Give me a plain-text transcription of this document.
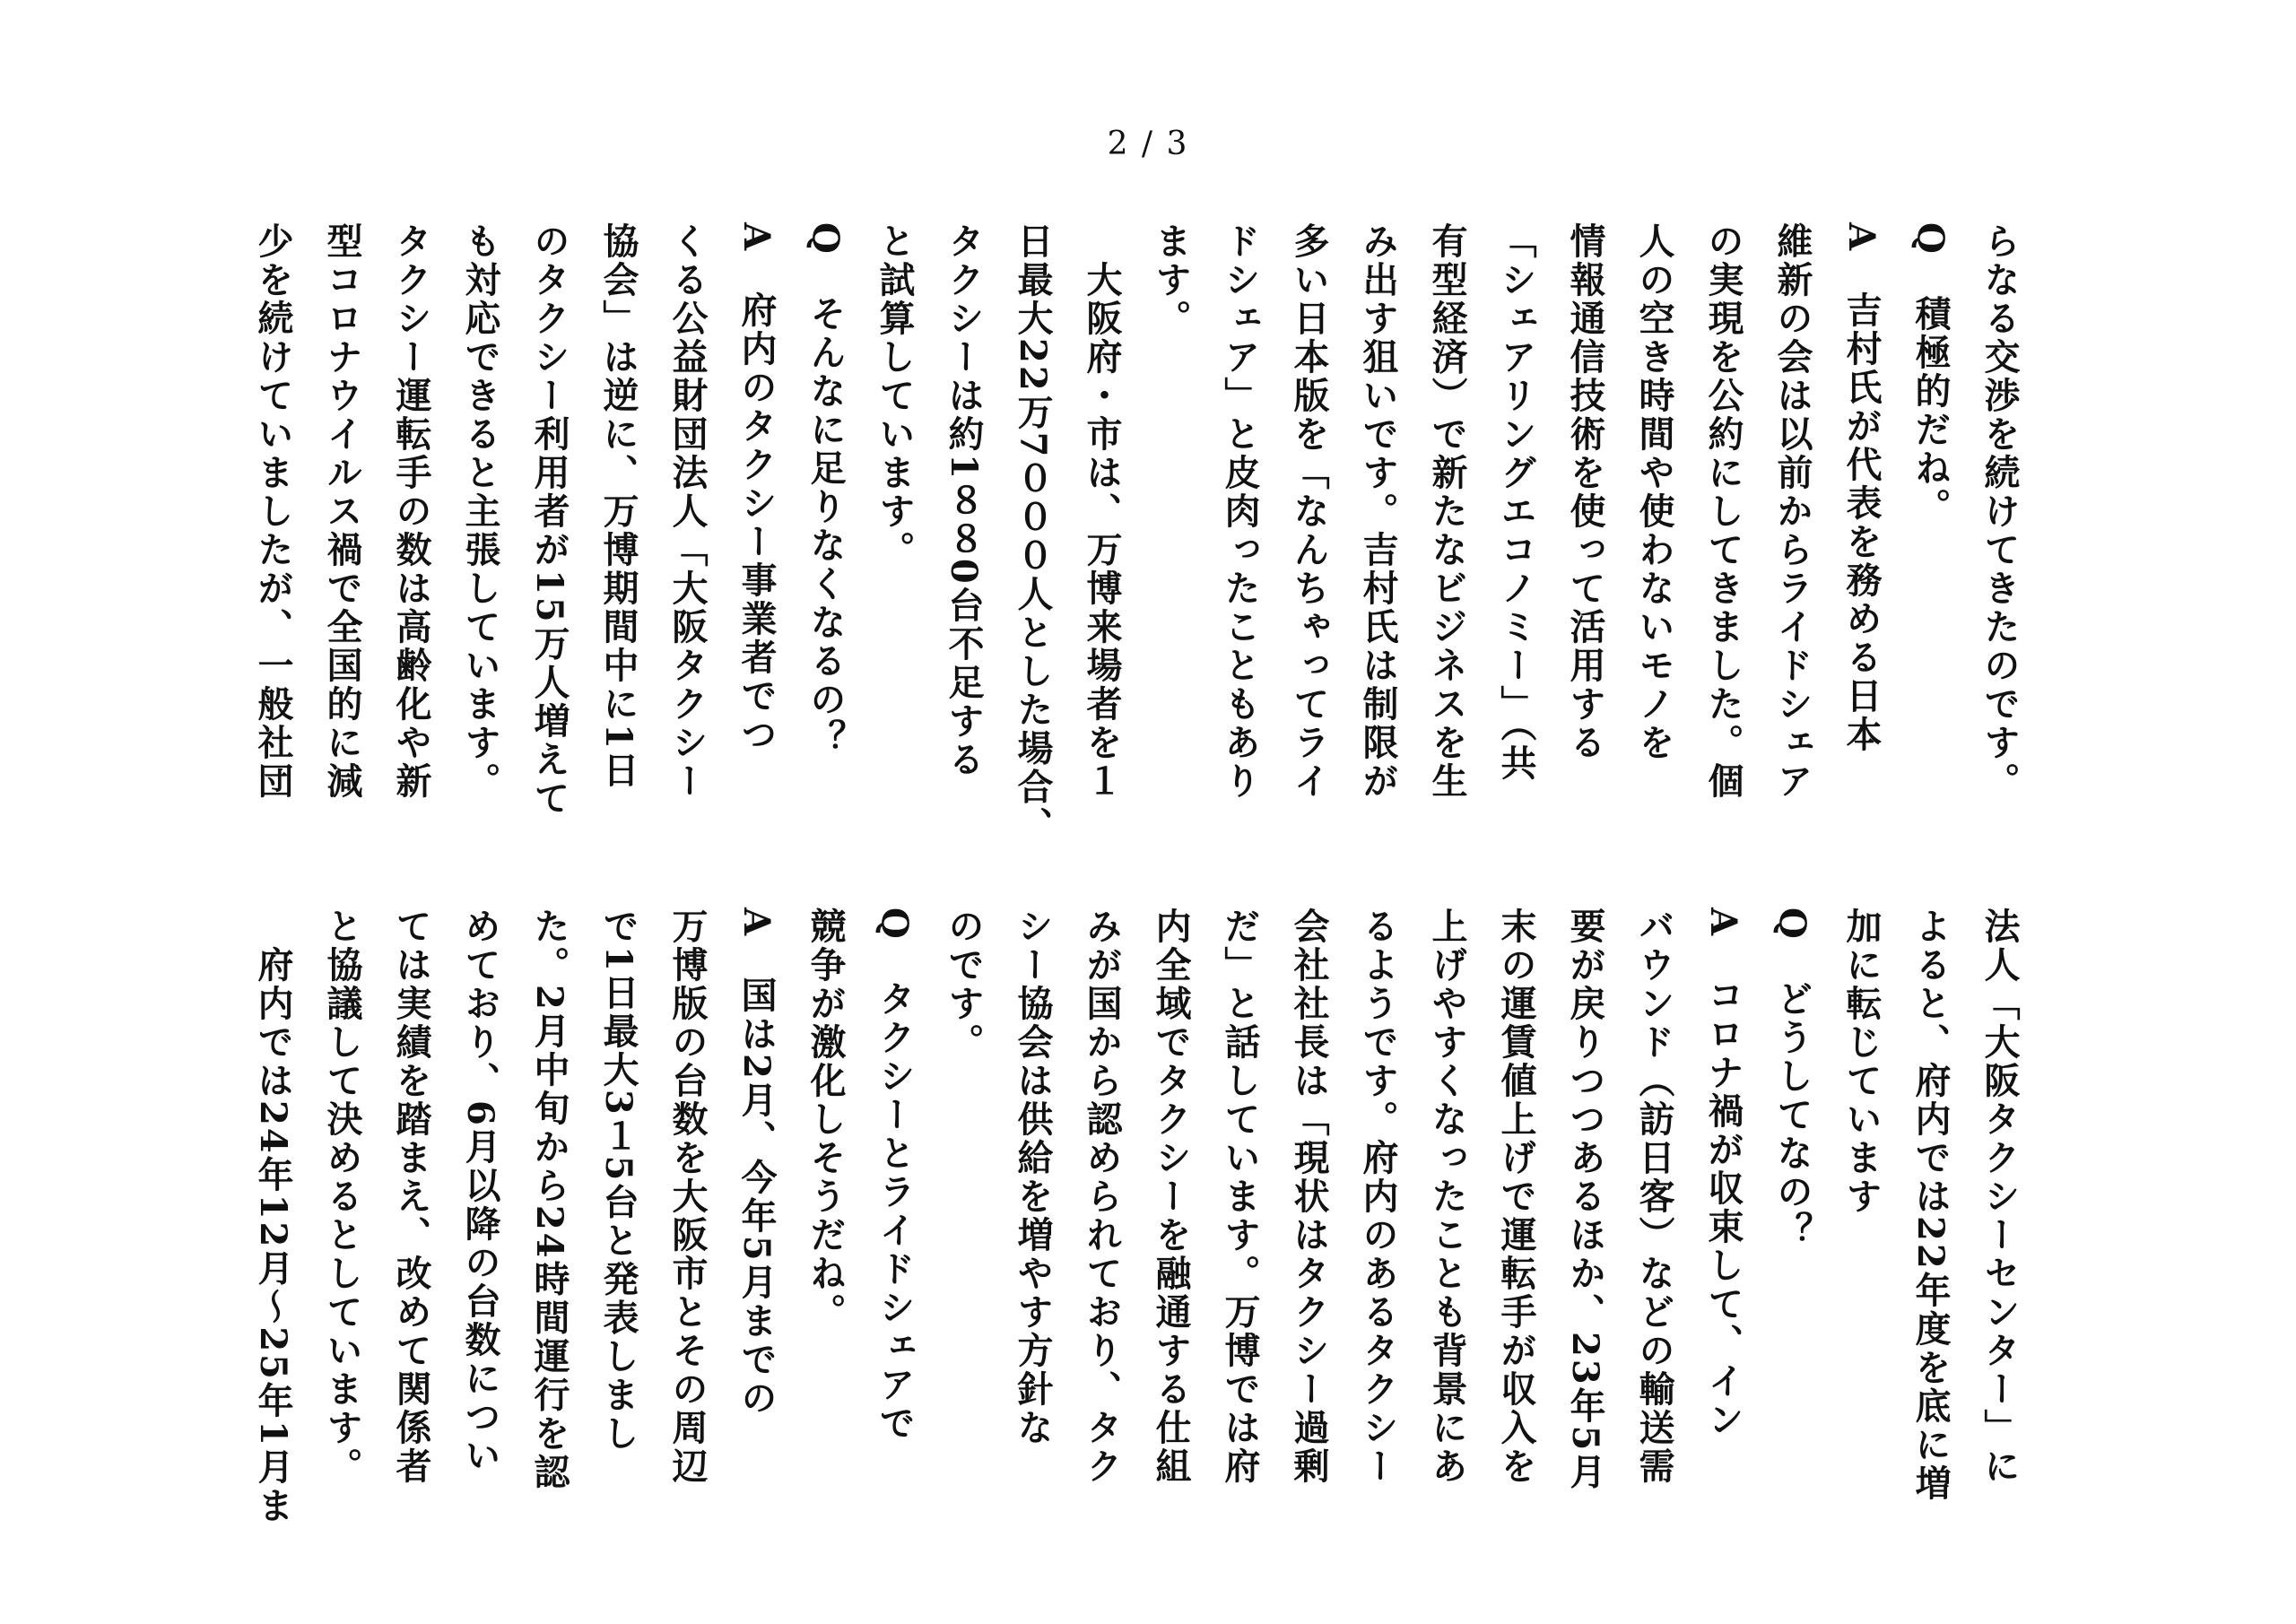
2 / 3
らなる交渉を続けてきたのです。
Q　積極的だね。
A　吉村氏が代表を務める日本
維新の会は以前からライドシェア
の実現を公約にしてきました。個
人の空き時間や使わないモノを
情報通信技術を使って活用する
「シェアリングエコノミー」（共
有型経済）で新たなビジネスを生
み出す狙いです。吉村氏は制限が
多い日本版を「なんちゃってライ
ドシェア」と皮肉ったこともあり
ます。
　大阪府・市は、万博来場者を１
日最大22万7０００人とした場合、
タクシーは約1８８0台不足する
と試算しています。
Q　そんなに足りなくなるの？
A　府内のタクシー事業者でつ
くる公益財団法人「大阪タクシー
協会」は逆に、万博期間中に1日
のタクシー利用者が15万人増えて
も対応できると主張しています。
タクシー運転手の数は高齢化や新
型コロナウイルス禍で全国的に減
少を続けていましたが、一般社団
法人「大阪タクシーセンター」に
よると、府内では22年度を底に増
加に転じています
Q　どうしてなの？
A　コロナ禍が収束して、イン
バウンド（訪日客）などの輸送需
要が戻りつつあるほか、23年5月
末の運賃値上げで運転手が収入を
上げやすくなったことも背景にあ
るようです。府内のあるタクシー
会社社長は「現状はタクシー過剰
だ」と話しています。万博では府
内全域でタクシーを融通する仕組
みが国から認められており、タク
シー協会は供給を増やす方針な
のです。
Q　タクシーとライドシェアで
競争が激化しそうだね。
A　国は2月、今年5月までの
万博版の台数を大阪市とその周辺
で1日最大3１5台と発表しまし
た。2月中旬から24時間運行を認
めており、6月以降の台数につい
ては実績を踏まえ、改めて関係者
と協議して決めるとしています。
　府内では24年12月～25年1月ま
